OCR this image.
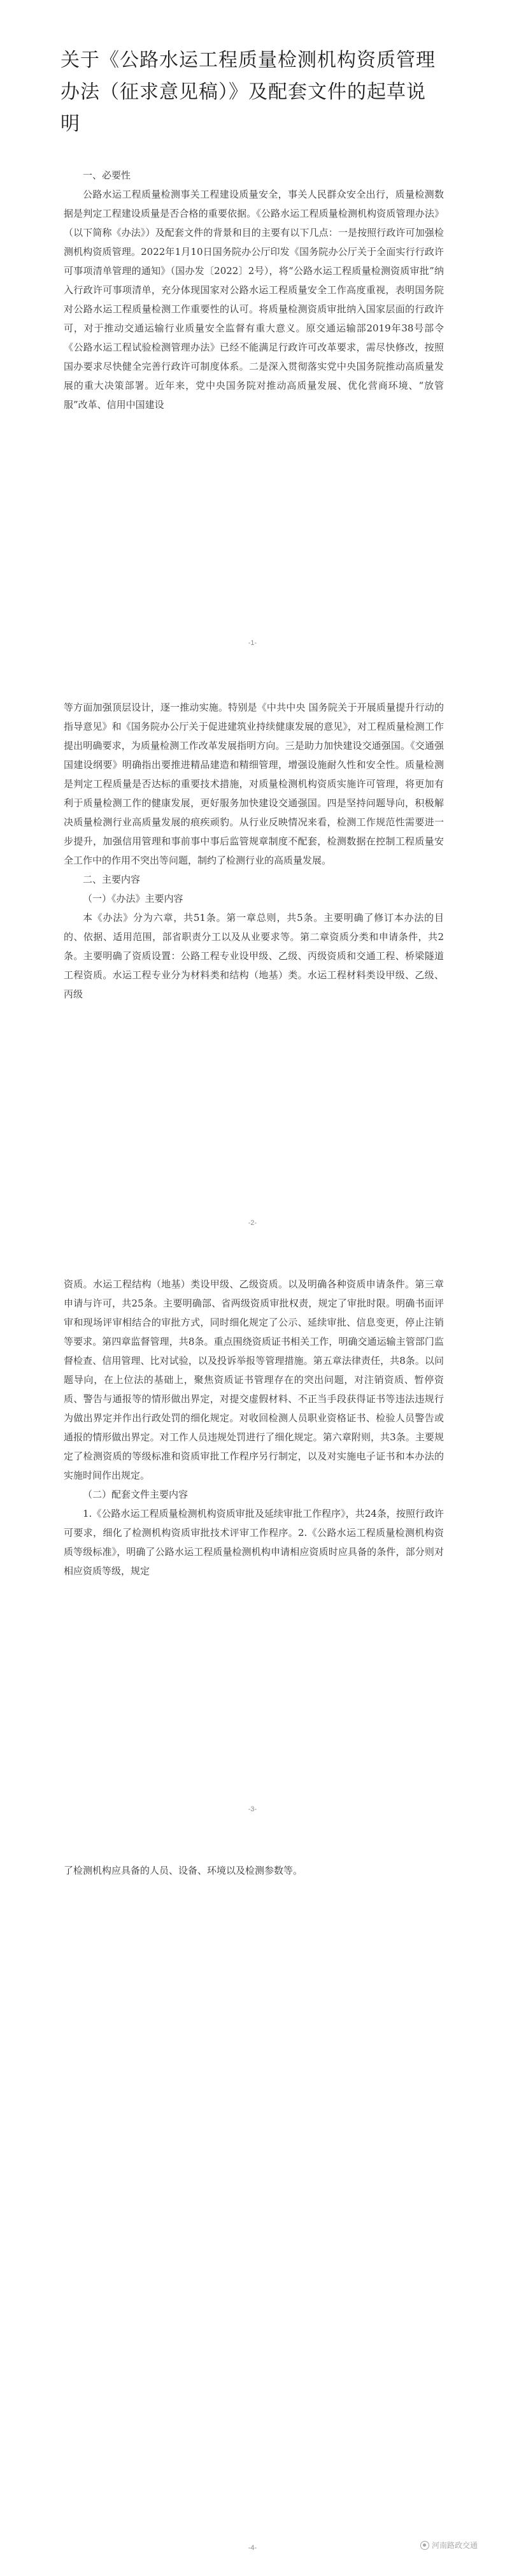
关于《公路水运工程质量检测机构资质管理办法（征求意见稿）》及配套文件的起草说明
一、必要性

公路水运工程质量检测事关工程建设质量安全，事关人民群众安全出行，质量检测数据是判定工程建设质量是否合格的重要依据。《公路水运工程质量检测机构资质管理办法》（以下简称《办法》）及配套文件的背景和目的主要有以下几点：一是按照行政许可加强检测机构资质管理。2022年1月10日国务院办公厅印发《国务院办公厅关于全面实行行政许可事项清单管理的通知》（国办发〔2022〕2号），将“公路水运工程质量检测资质审批”纳入行政许可事项清单，充分体现国家对公路水运工程质量安全工作高度重视，表明国务院对公路水运工程质量检测工作重要性的认可。将质量检测资质审批纳入国家层面的行政许可，对于推动交通运输行业质量安全监督有重大意义。原交通运输部2019年38号部令《公路水运工程试验检测管理办法》已经不能满足行政许可改革要求，需尽快修改，按照国办要求尽快健全完善行政许可制度体系。二是深入贯彻落实党中央国务院推动高质量发展的重大决策部署。近年来，党中央国务院对推动高质量发展、优化营商环境、“放管服”改革、信用中国建设

-1-

等方面加强顶层设计，逐一推动实施。特别是《中共中央 国务院关于开展质量提升行动的指导意见》和《国务院办公厅关于促进建筑业持续健康发展的意见》，对工程质量检测工作提出明确要求，为质量检测工作改革发展指明方向。三是助力加快建设交通强国。《交通强国建设纲要》明确指出要推进精品建造和精细管理，增强设施耐久性和安全性。质量检测是判定工程质量是否达标的重要技术措施，对质量检测机构资质实施许可管理，将更加有利于质量检测工作的健康发展，更好服务加快建设交通强国。四是坚持问题导向，积极解决质量检测行业高质量发展的痕疾顽豹。从行业反映情况来看，检测工作规范性需要进一步提升，加强信用管理和事前事中事后监管规章制度不配套，检测数据在控制工程质量安全工作中的作用不突出等问题，制约了检测行业的高质量发展。

二、主要内容
（一）《办法》主要内容

本《办法》分为六章，共51条。第一章总则，共5条。主要明确了修订本办法的目的、依据、适用范围，部省职责分工以及从业要求等。第二章资质分类和申请条件，共2条。主要明确了资质设置：公路工程专业设甲级、乙级、丙级资质和交通工程、桥梁隧道工程资质。水运工程专业分为材料类和结构（地基）类。水运工程材料类设甲级、乙级、丙级

-2-

资质。水运工程结构（地基）类设甲级、乙级资质。以及明确各种资质申请条件。第三章申请与许可，共25条。主要明确部、省两级资质审批权责，规定了审批时限。明确书面评审和现场评审相结合的审批方式，同时细化规定了公示、延续审批、信息变更，停止注销等要求。第四章监督管理，共8条。重点围绕资质证书相关工作，明确交通运输主管部门监督检查、信用管理、比对试验，以及投诉举报等管理措施。第五章法律责任，共8条。以问题导向，在上位法的基础上，聚焦资质证书管理存在的突出问题，对注销资质、暂停资质、警告与通报等的情形做出界定，对提交虚假材料、不正当手段获得证书等违法违规行为做出界定并作出行政处罚的细化规定。对收回检测人员职业资格证书、检验人员警告或通报的情形做出界定。对工作人员违规处罚进行了细化规定。第六章附则，共3条。主要规定了检测资质的等级标准和资质审批工作程序另行制定，以及对实施电子证书和本办法的实施时间作出规定。

（二）配套文件主要内容

1.《公路水运工程质量检测机构资质审批及延续审批工作程序》，共24条，按照行政许可要求，细化了检测机构资质审批技术评审工作程序。2.《公路水运工程质量检测机构资质等级标准》，明确了公路水运工程质量检测机构申请相应资质时应具备的条件，部分则对相应资质等级，规定

-3-

了检测机构应具备的人员、设备、环境以及检测参数等。

-4-	河南路政交通
